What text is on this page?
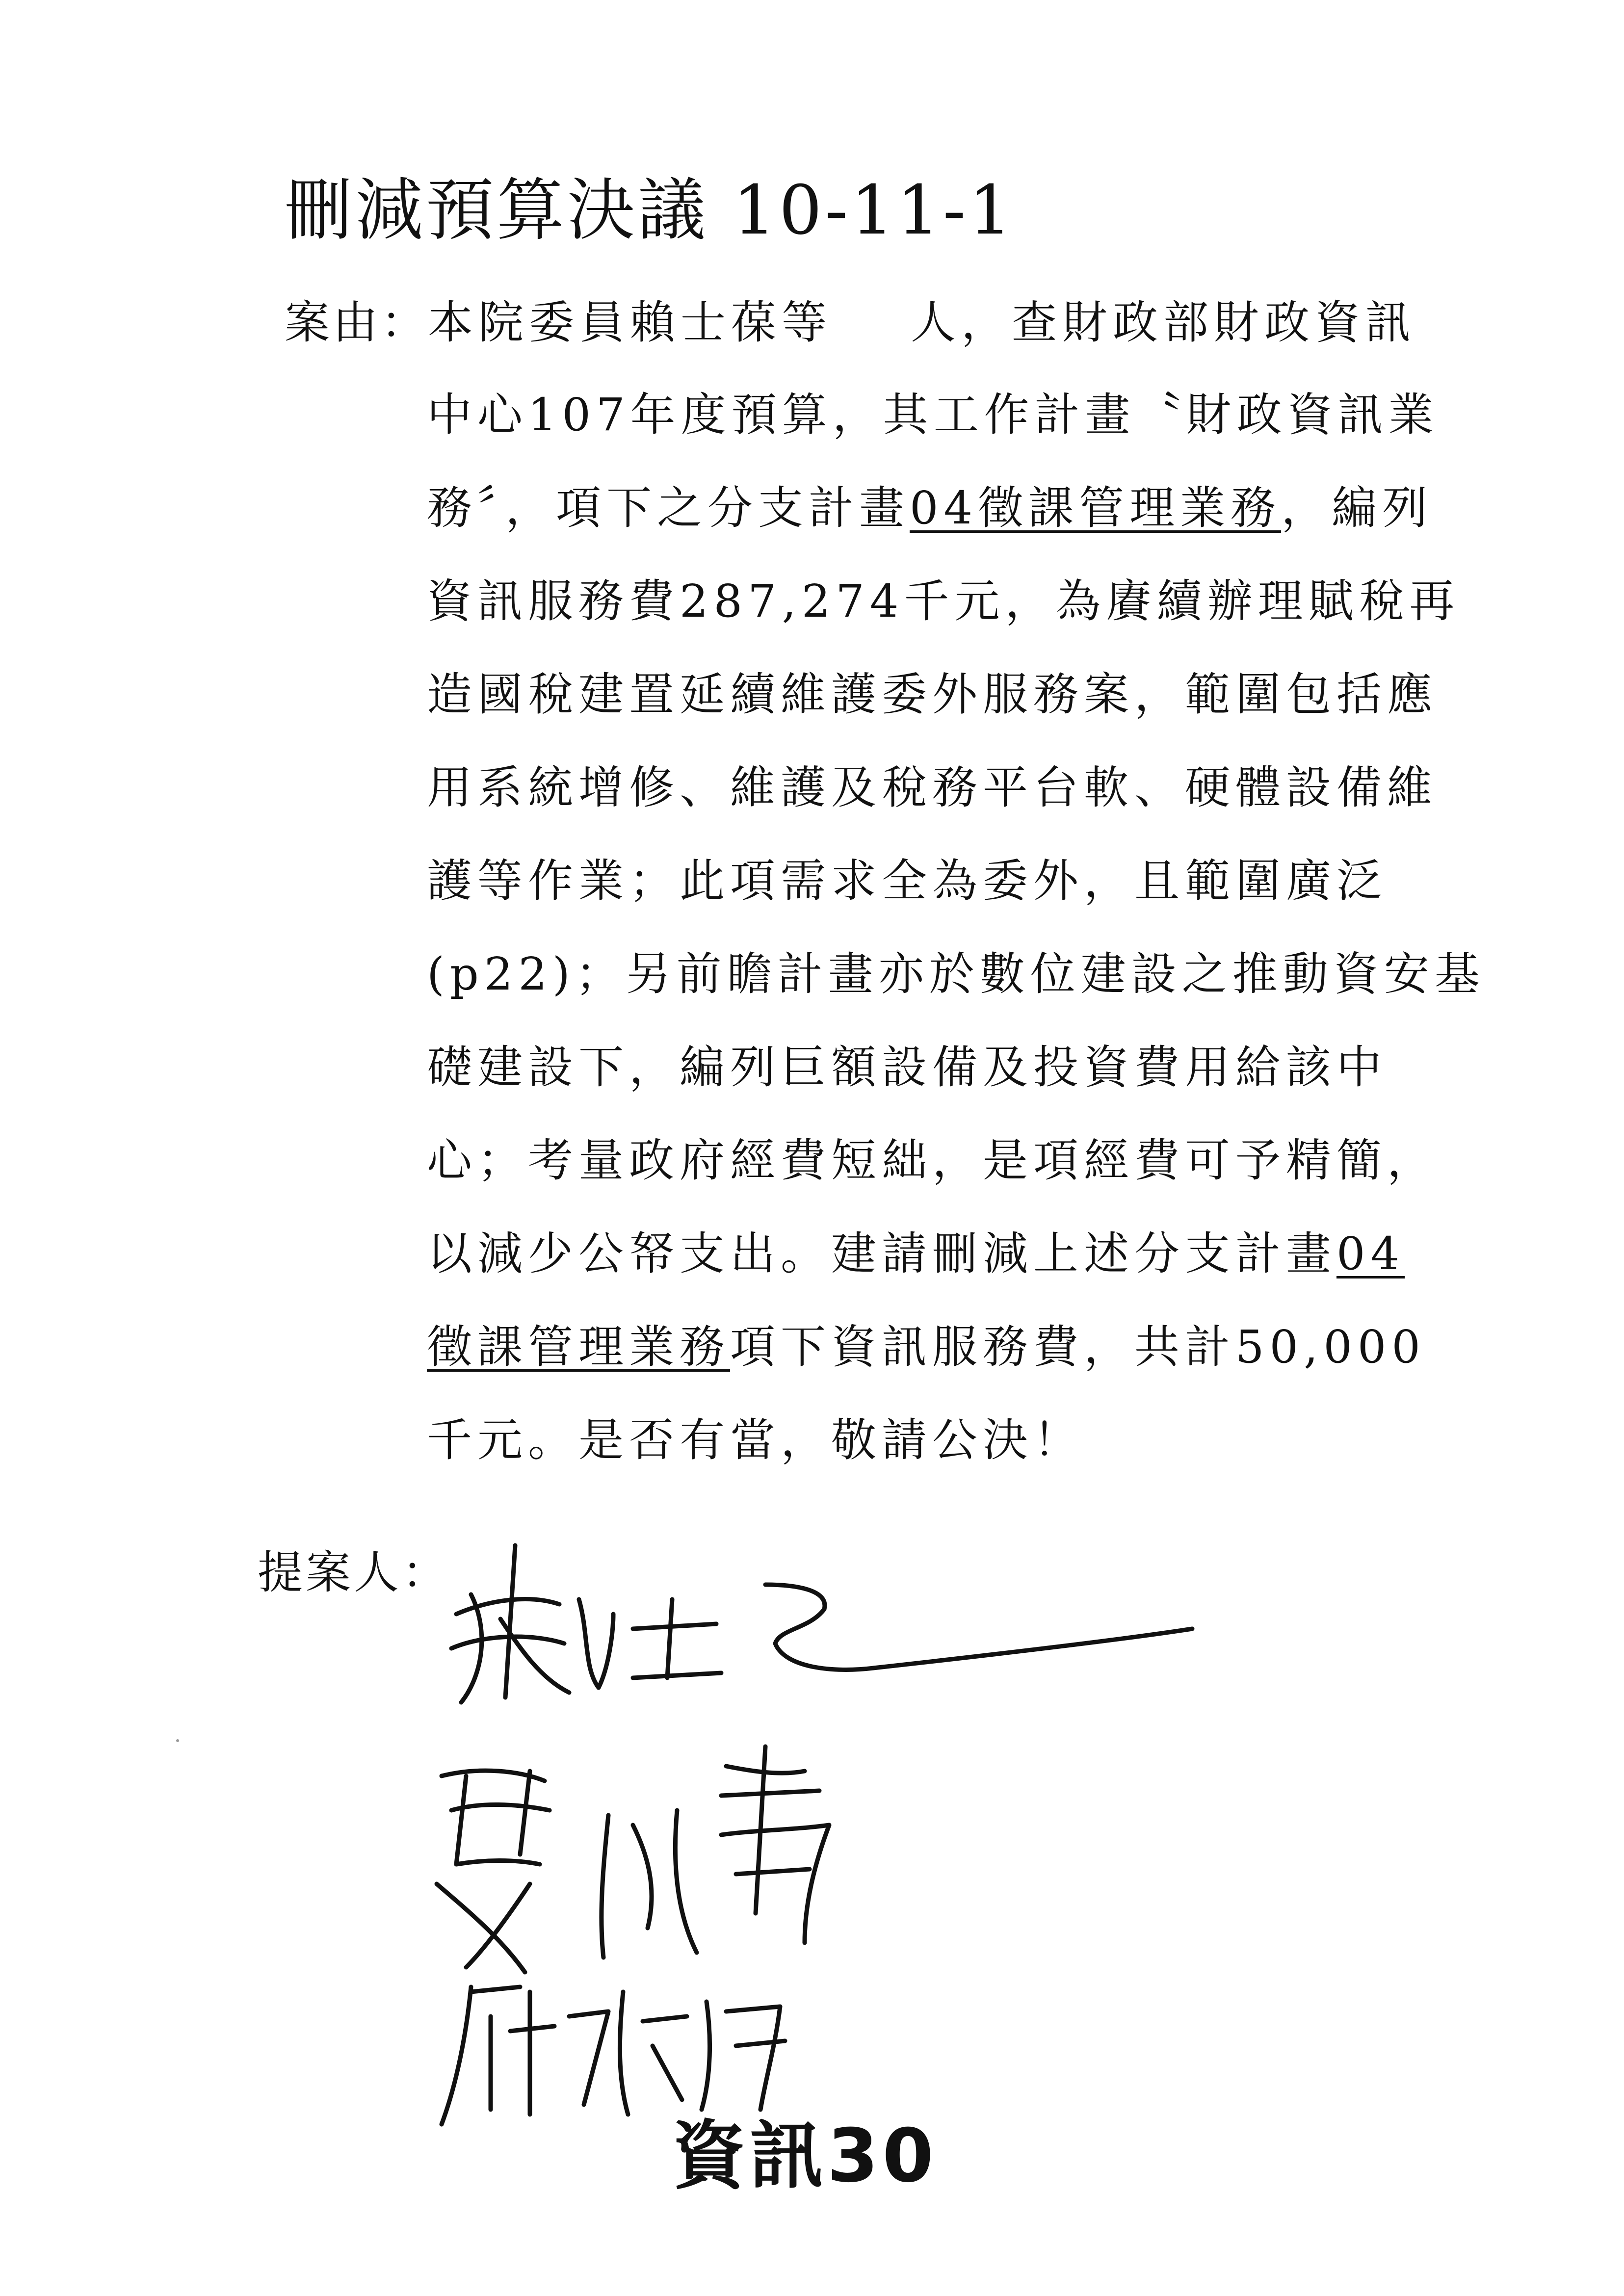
刪減預算決議 10-11-1
案由：
本院委員賴士葆等 人，查財政部財政資訊
中心107年度預算，其工作計畫〝財政資訊業
務〞，項下之分支計畫04徵課管理業務，編列
資訊服務費287,274千元，為賡續辦理賦稅再
造國稅建置延續維護委外服務案，範圍包括應
用系統增修、維護及稅務平台軟、硬體設備維
護等作業；此項需求全為委外，且範圍廣泛
(p22)；另前瞻計畫亦於數位建設之推動資安基
礎建設下，編列巨額設備及投資費用給該中
心；考量政府經費短絀，是項經費可予精簡，
以減少公帑支出。建請刪減上述分支計畫04
徵課管理業務項下資訊服務費，共計50,000
千元。是否有當，敬請公決！
提案人：
資訊30
